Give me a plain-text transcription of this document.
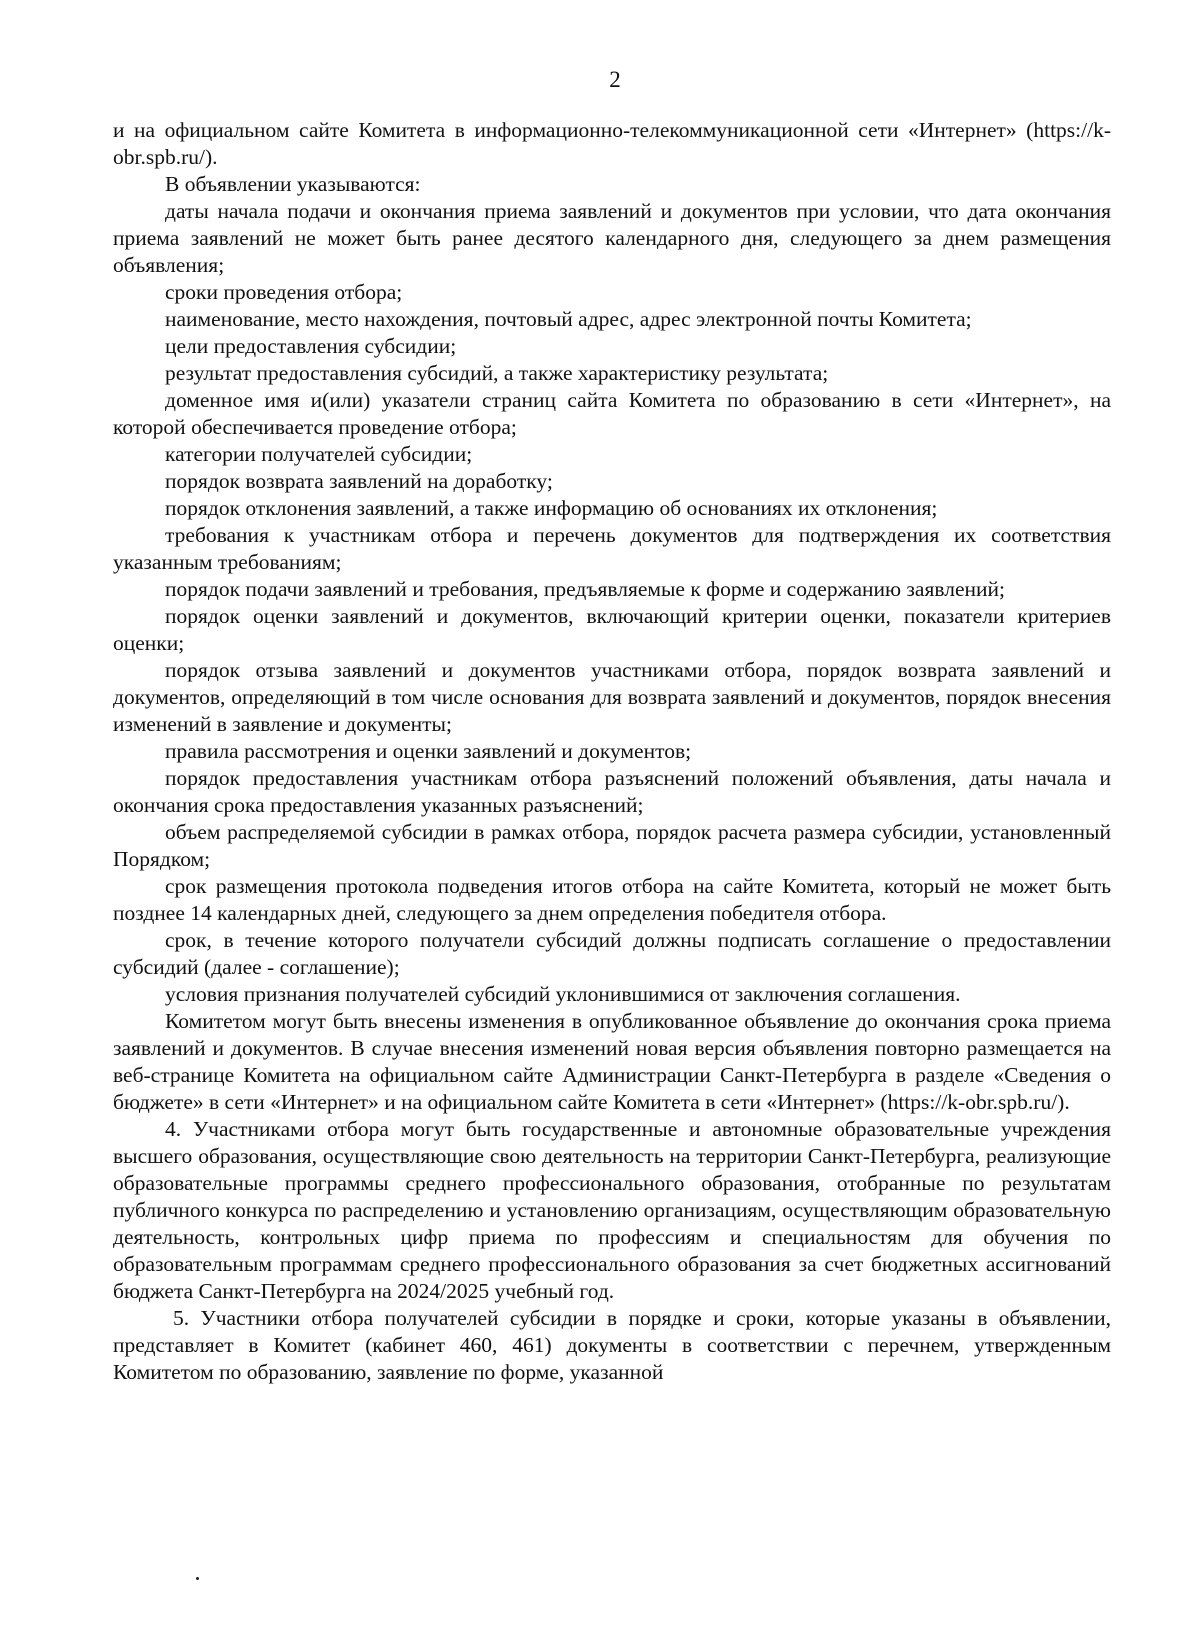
2

и на официальном сайте Комитета в информационно-телекоммуникационной сети «Интернет» (https://k-obr.spb.ru/).

В объявлении указываются:

даты начала подачи и окончания приема заявлений и документов при условии, что дата окончания приема заявлений не может быть ранее десятого календарного дня, следующего за днем размещения объявления;

сроки проведения отбора;

наименование, место нахождения, почтовый адрес, адрес электронной почты Комитета;

цели предоставления субсидии;

результат предоставления субсидий, а также характеристику результата;

доменное имя и(или) указатели страниц сайта Комитета по образованию в сети «Интернет», на которой обеспечивается проведение отбора;

категории получателей субсидии;

порядок возврата заявлений на доработку;

порядок отклонения заявлений, а также информацию об основаниях их отклонения;

требования к участникам отбора и перечень документов для подтверждения их соответствия указанным требованиям;

порядок подачи заявлений и требования, предъявляемые к форме и содержанию заявлений;

порядок оценки заявлений и документов, включающий критерии оценки, показатели критериев оценки;

порядок отзыва заявлений и документов участниками отбора, порядок возврата заявлений и документов, определяющий в том числе основания для возврата заявлений и документов, порядок внесения изменений в заявление и документы;

правила рассмотрения и оценки заявлений и документов;

порядок предоставления участникам отбора разъяснений положений объявления, даты начала и окончания срока предоставления указанных разъяснений;

объем распределяемой субсидии в рамках отбора, порядок расчета размера субсидии, установленный Порядком;

срок размещения протокола подведения итогов отбора на сайте Комитета, который не может быть позднее 14 календарных дней, следующего за днем определения победителя отбора.

срок, в течение которого получатели субсидий должны подписать соглашение о предоставлении субсидий (далее - соглашение);

условия признания получателей субсидий уклонившимися от заключения соглашения.

Комитетом могут быть внесены изменения в опубликованное объявление до окончания срока приема заявлений и документов. В случае внесения изменений новая версия объявления повторно размещается на веб-странице Комитета на официальном сайте Администрации Санкт-Петербурга в разделе «Сведения о бюджете» в сети «Интернет» и на официальном сайте Комитета в сети «Интернет» (https://k-obr.spb.ru/).

4. Участниками отбора могут быть государственные и автономные образовательные учреждения высшего образования, осуществляющие свою деятельность на территории Санкт-Петербурга, реализующие образовательные программы среднего профессионального образования, отобранные по результатам публичного конкурса по распределению и установлению организациям, осуществляющим образовательную деятельность, контрольных цифр приема по профессиям и специальностям для обучения по образовательным программам среднего профессионального образования за счет бюджетных ассигнований бюджета Санкт-Петербурга на 2024/2025 учебный год.

5. Участники отбора получателей субсидии в порядке и сроки, которые указаны в объявлении, представляет в Комитет (кабинет 460, 461) документы в соответствии с перечнем, утвержденным Комитетом по образованию, заявление по форме, указанной
